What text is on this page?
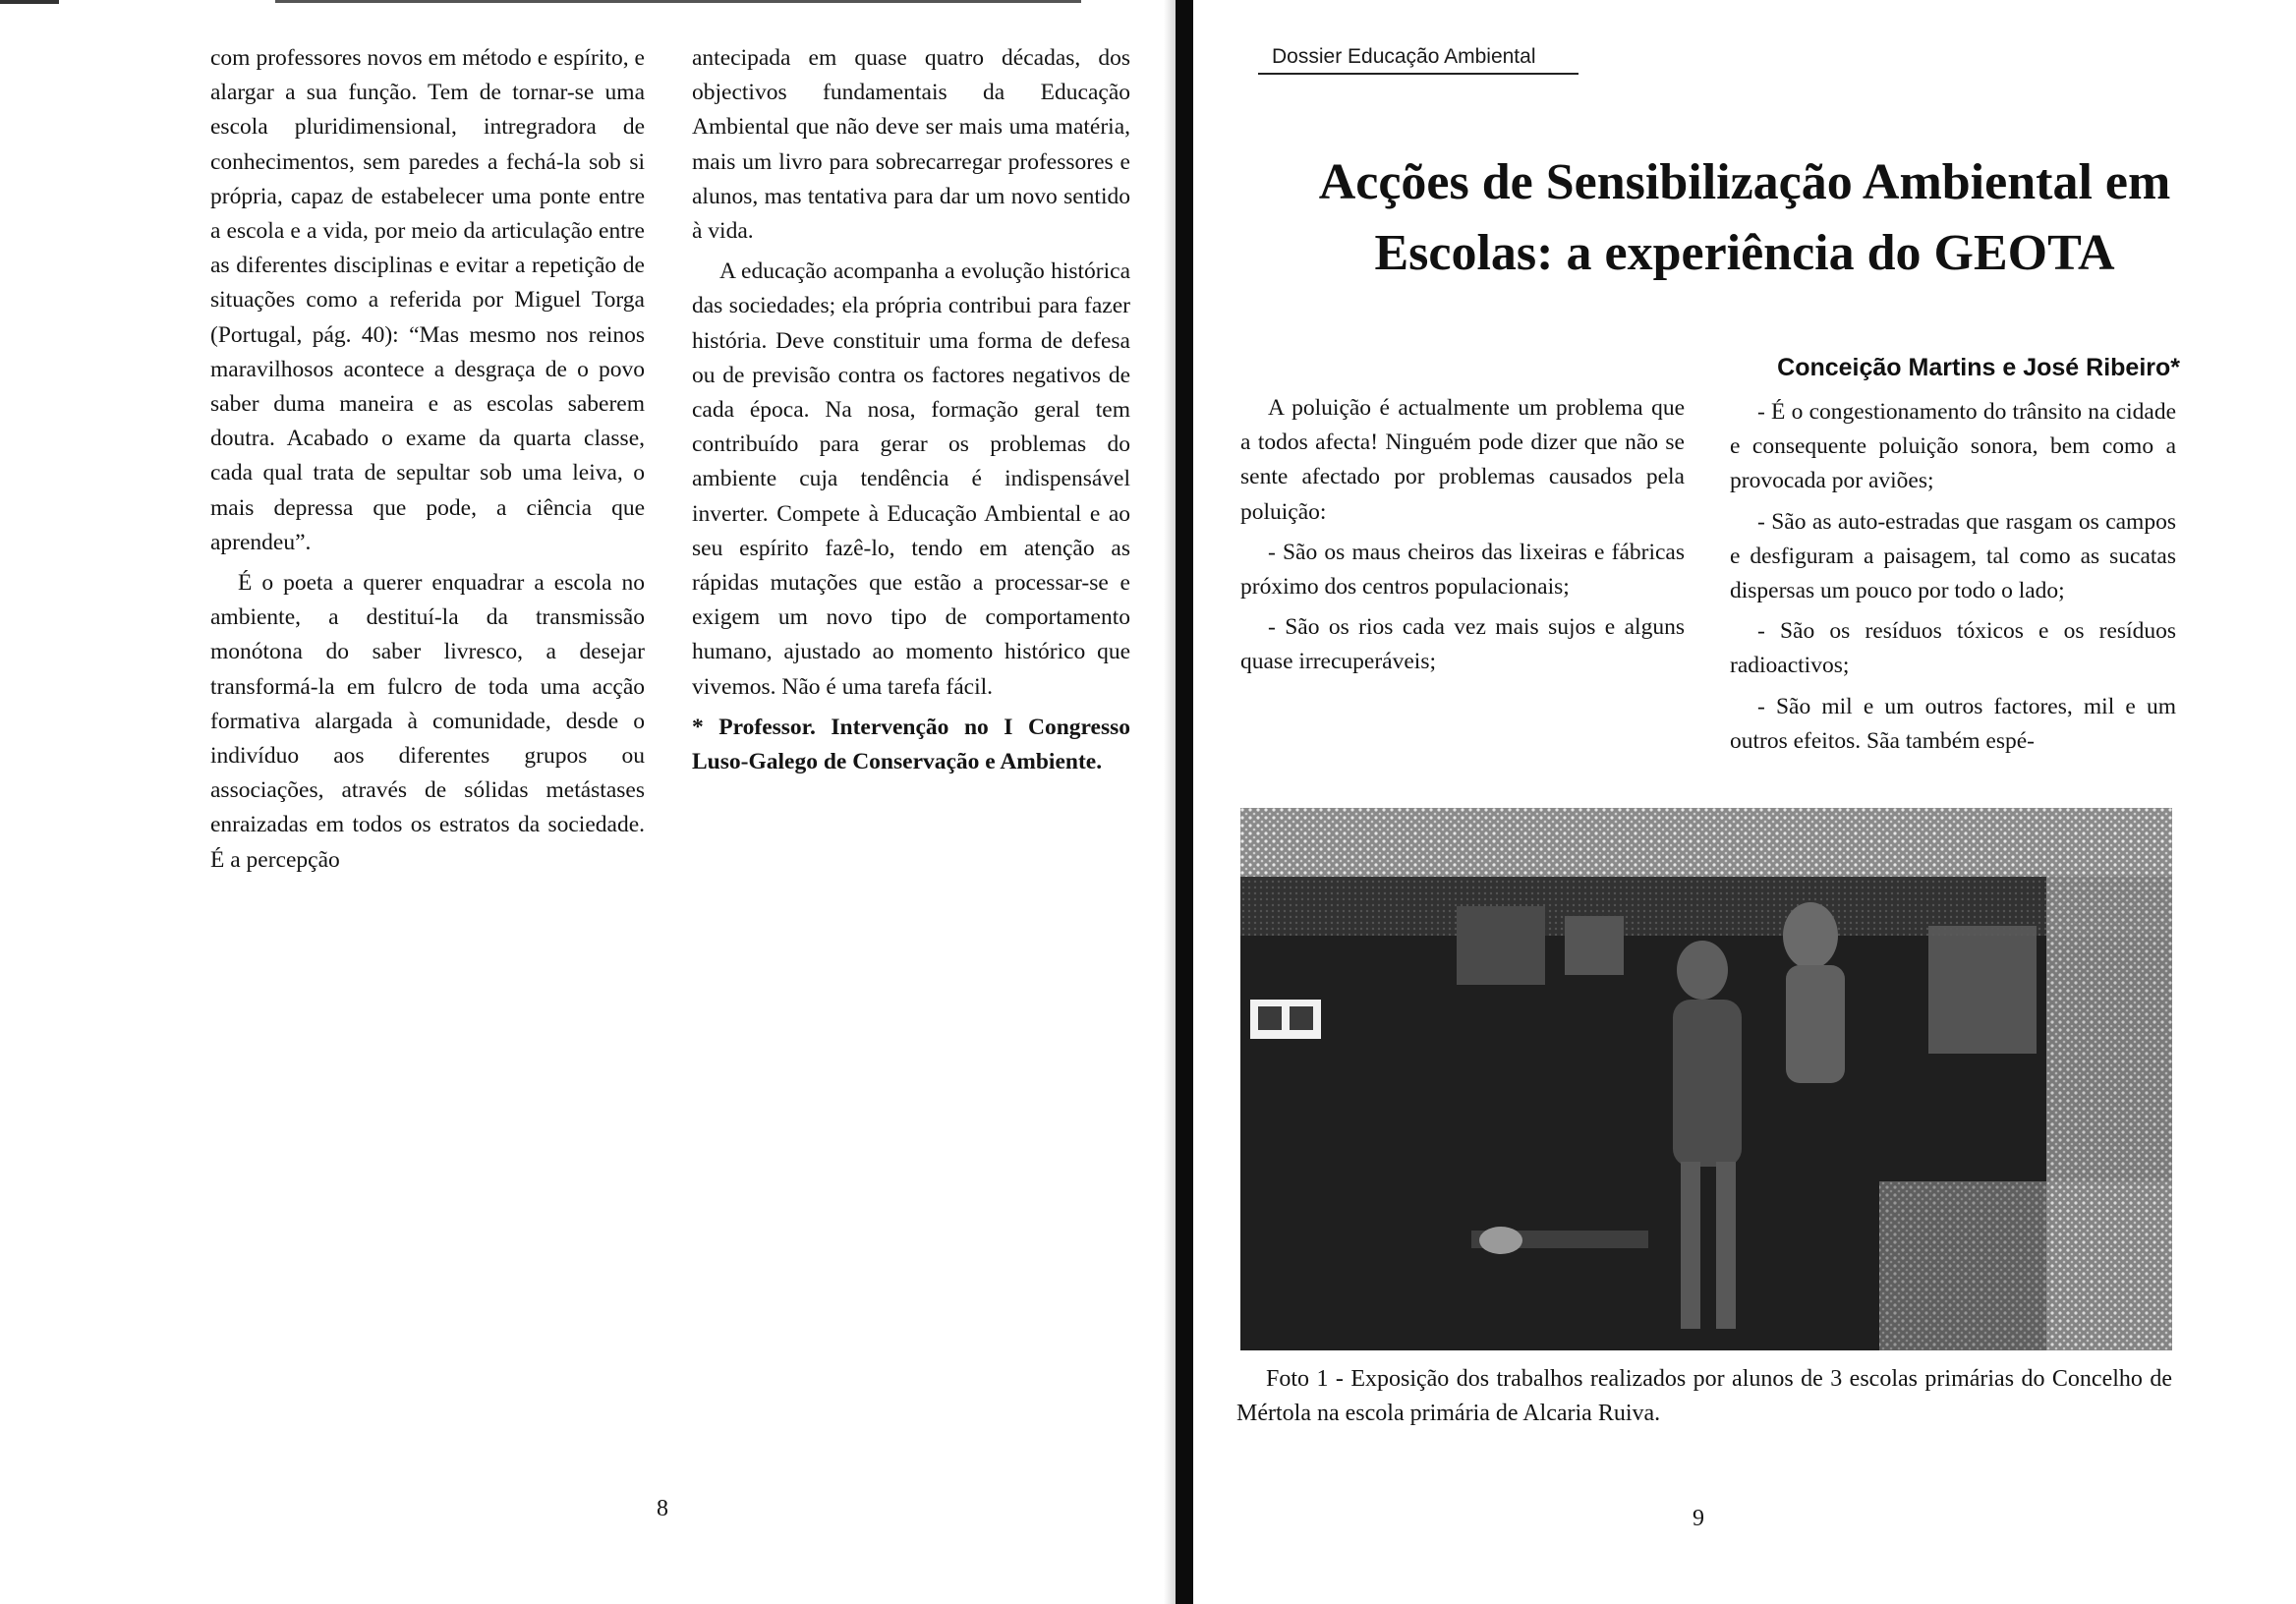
com professores novos em método e espírito, e alargar a sua função. Tem de tornar-se uma escola pluridimensional, intregradora de conhecimentos, sem paredes a fechá-la sob si própria, capaz de estabelecer uma ponte entre a escola e a vida, por meio da articulação entre as diferentes disciplinas e evitar a repetição de situações como a referida por Miguel Torga (Portugal, pág. 40): “Mas mesmo nos reinos maravilhosos acontece a desgraça de o povo saber duma maneira e as escolas saberem doutra. Acabado o exame da quarta classe, cada qual trata de sepultar sob uma leiva, o mais depressa que pode, a ciência que aprendeu”.

É o poeta a querer enquadrar a escola no ambiente, a destituí-la da transmissão monótona do saber livresco, a desejar transformá-la em fulcro de toda uma acção formativa alargada à comunidade, desde o indivíduo aos diferentes grupos ou associações, através de sólidas metástases enraizadas em todos os estratos da sociedade. É a percepção

antecipada em quase quatro décadas, dos objectivos fundamentais da Educação Ambiental que não deve ser mais uma matéria, mais um livro para sobrecarregar professores e alunos, mas tentativa para dar um novo sentido à vida.

A educação acompanha a evolução histórica das sociedades; ela própria contribui para fazer história. Deve constituir uma forma de defesa ou de previsão contra os factores negativos de cada época. Na nosa, formação geral tem contribuído para gerar os problemas do ambiente cuja tendência é indispensável inverter. Compete à Educação Ambiental e ao seu espírito fazê-lo, tendo em atenção as rápidas mutações que estão a processar-se e exigem um novo tipo de comportamento humano, ajustado ao momento histórico que vivemos. Não é uma tarefa fácil.

* Professor. Intervenção no I Congresso Luso-Galego de Conservação e Ambiente.

8
Dossier Educação Ambiental
Acções de Sensibilização Ambiental em
Escolas: a experiência do GEOTA
Conceição Martins e José Ribeiro*

A poluição é actualmente um problema que a todos afecta! Ninguém pode dizer que não se sente afectado por problemas causados pela poluição:

- São os maus cheiros das lixeiras e fábricas próximo dos centros populacionais;

- São os rios cada vez mais sujos e alguns quase irrecuperáveis;

- É o congestionamento do trânsito na cidade e consequente poluição sonora, bem como a provocada por aviões;

- São as auto-estradas que rasgam os campos e desfiguram a paisagem, tal como as sucatas dispersas um pouco por todo o lado;

- São os resíduos tóxicos e os resíduos radioactivos;

- São mil e um outros factores, mil e um outros efeitos. Sãa também espé-

Foto 1 - Exposição dos trabalhos realizados por alunos de 3 escolas primárias do Concelho de Mértola na escola primária de Alcaria Ruiva.
9
